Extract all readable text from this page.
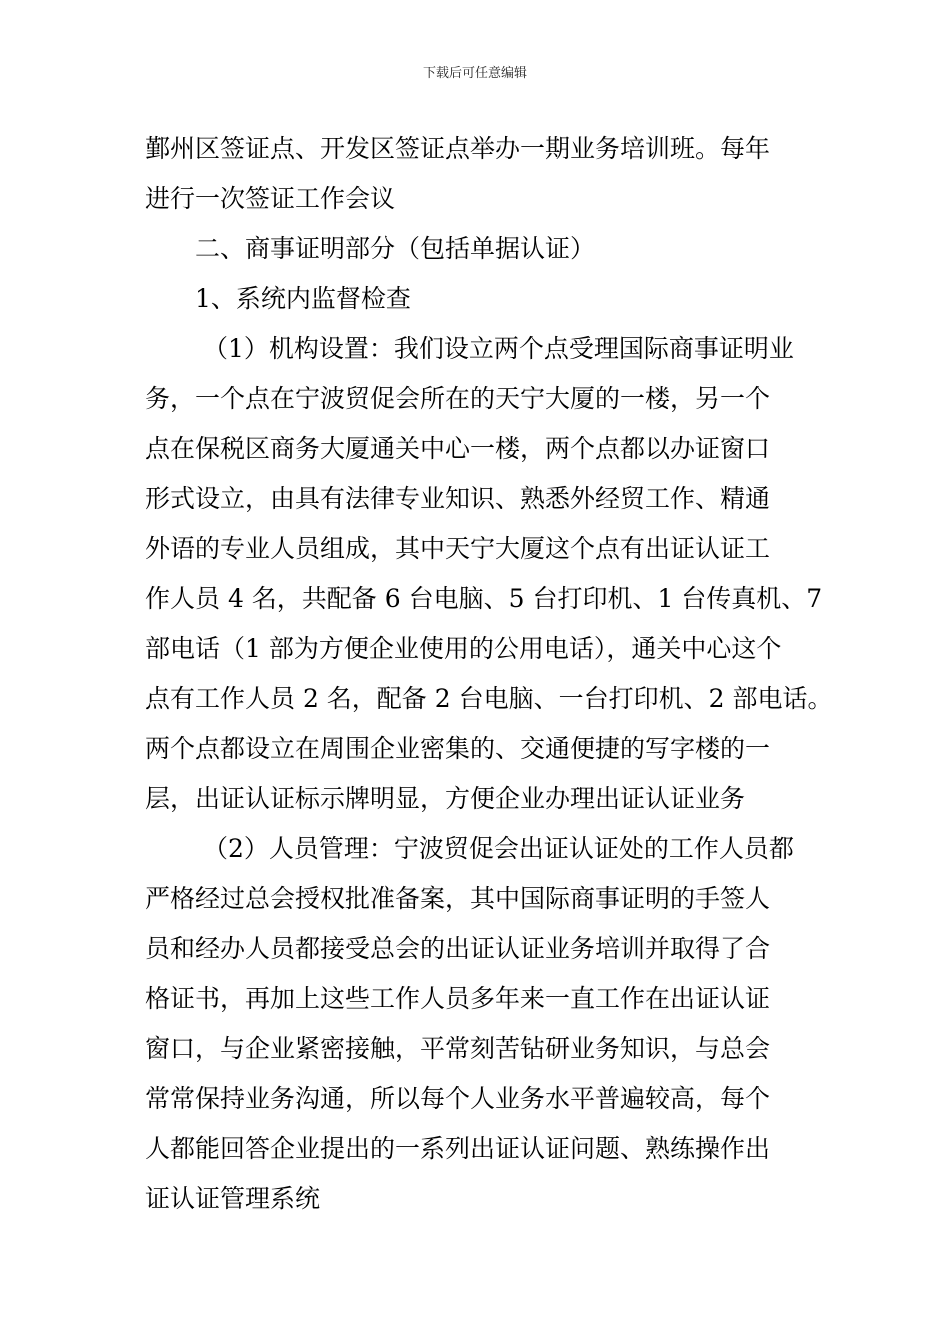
下载后可任意编辑
鄞州区签证点、开发区签证点举办一期业务培训班。每年
进行一次签证工作会议
二、商事证明部分（包括单据认证）
1、系统内监督检查
（1）机构设置：我们设立两个点受理国际商事证明业
务，一个点在宁波贸促会所在的天宁大厦的一楼，另一个
点在保税区商务大厦通关中心一楼，两个点都以办证窗口
形式设立，由具有法律专业知识、熟悉外经贸工作、精通
外语的专业人员组成，其中天宁大厦这个点有出证认证工
作人员 4 名，共配备 6 台电脑、5 台打印机、1 台传真机、7
部电话（1 部为方便企业使用的公用电话），通关中心这个
点有工作人员 2 名，配备 2 台电脑、一台打印机、2 部电话。
两个点都设立在周围企业密集的、交通便捷的写字楼的一
层，出证认证标示牌明显，方便企业办理出证认证业务
（2）人员管理：宁波贸促会出证认证处的工作人员都
严格经过总会授权批准备案，其中国际商事证明的手签人
员和经办人员都接受总会的出证认证业务培训并取得了合
格证书，再加上这些工作人员多年来一直工作在出证认证
窗口，与企业紧密接触，平常刻苦钻研业务知识，与总会
常常保持业务沟通，所以每个人业务水平普遍较高，每个
人都能回答企业提出的一系列出证认证问题、熟练操作出
证认证管理系统
